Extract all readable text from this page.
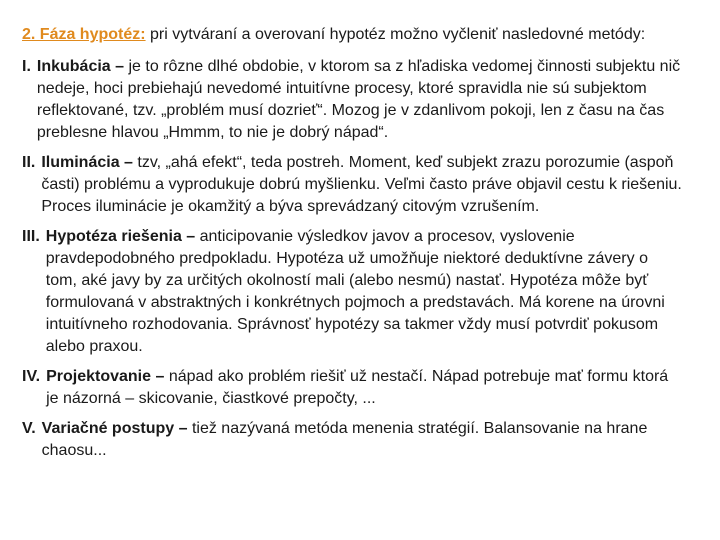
2. Fáza hypotéz: pri vytváraní a overovaní hypotéz možno vyčleniť nasledovné metódy:

I. Inkubácia – je to rôzne dlhé obdobie, v ktorom sa z hľadiska vedomej činnosti subjektu nič nedeje, hoci prebiehajú nevedomé intuitívne procesy, ktoré spravidla nie sú subjektom reflektované, tzv. „problém musí dozrieť“. Mozog je v zdanlivom pokoji, len z času na čas preblesne hlavou „Hmmm, to nie je dobrý nápad“.
II. Iluminácia – tzv, „ahá efekt“, teda postreh. Moment, keď subjekt zrazu porozumie (aspoň časti) problému a vyprodukuje dobrú myšlienku. Veľmi často práve objavil cestu k riešeniu. Proces iluminácie je okamžitý a býva sprevádzaný citovým vzrušením.
III. Hypotéza riešenia – anticipovanie výsledkov javov a procesov, vyslovenie pravdepodobného predpokladu. Hypotéza už umožňuje niektoré deduktívne závery o tom, aké javy by za určitých okolností mali (alebo nesmú) nastať. Hypotéza môže byť formulovaná v abstraktných i konkrétnych pojmoch a predstavách. Má korene na úrovni intuitívneho rozhodovania. Správnosť hypotézy sa takmer vždy musí potvrdiť pokusom alebo praxou.
IV. Projektovanie – nápad ako problém riešiť už nestačí. Nápad potrebuje mať formu ktorá je názorná – skicovanie, čiastkové prepočty, ...
V. Variačné postupy – tiež nazývaná metóda menenia stratégií. Balansovanie na hrane chaosu...
